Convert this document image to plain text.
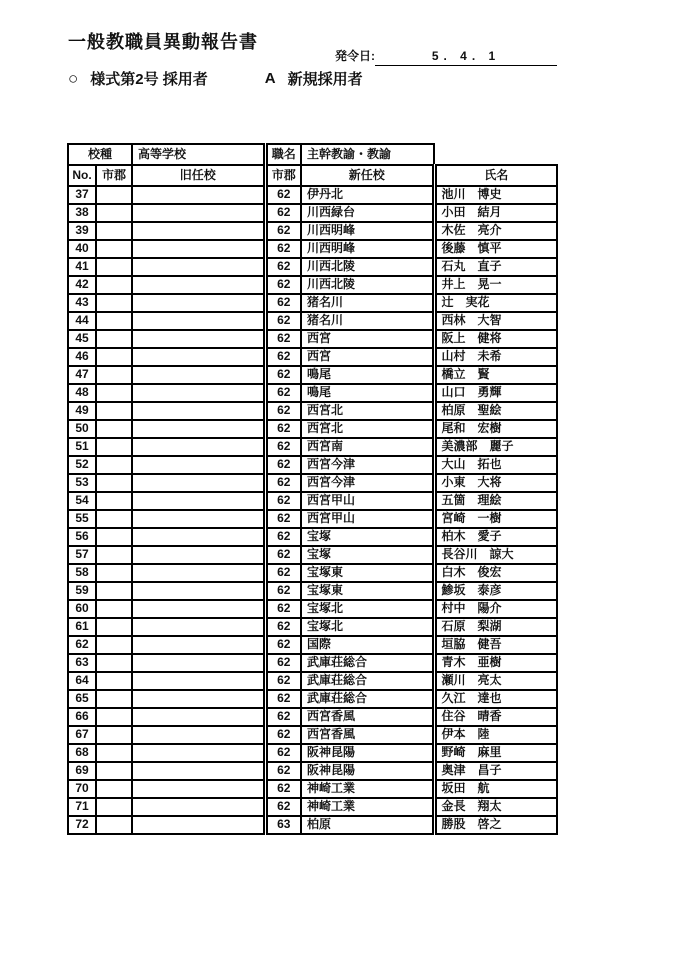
一般教職員異動報告書
発令日:	5. 4. 1
○ 様式第2号 採用者	A 新規採用者
校種		高等学校	職名	主幹教諭・教諭	
No.	市郡	旧任校	市郡	新任校	氏名
37			62	伊丹北	池川　博史
38			62	川西緑台	小田　結月
39			62	川西明峰	木佐　亮介
40			62	川西明峰	後藤　慎平
41			62	川西北陵	石丸　直子
42			62	川西北陵	井上　晃一
43			62	猪名川	辻　実花
44			62	猪名川	西林　大智
45			62	西宮	阪上　健将
46			62	西宮	山村　未希
47			62	鳴尾	橋立　賢
48			62	鳴尾	山口　勇輝
49			62	西宮北	柏原　聖絵
50			62	西宮北	尾和　宏樹
51			62	西宮南	美濃部　麗子
52			62	西宮今津	大山　拓也
53			62	西宮今津	小東　大将
54			62	西宮甲山	五箇　理絵
55			62	西宮甲山	宮崎　一樹
56			62	宝塚	柏木　愛子
57			62	宝塚	長谷川　諒大
58			62	宝塚東	白木　俊宏
59			62	宝塚東	鯵坂　泰彦
60			62	宝塚北	村中　陽介
61			62	宝塚北	石原　梨湖
62			62	国際	垣脇　健吾
63			62	武庫荘総合	青木　亜樹
64			62	武庫荘総合	瀬川　亮太
65			62	武庫荘総合	久江　達也
66			62	西宮香風	住谷　晴香
67			62	西宮香風	伊本　陸
68			62	阪神昆陽	野崎　麻里
69			62	阪神昆陽	奥津　昌子
70			62	神崎工業	坂田　航
71			62	神崎工業	金長　翔太
72			63	柏原	勝股　啓之
